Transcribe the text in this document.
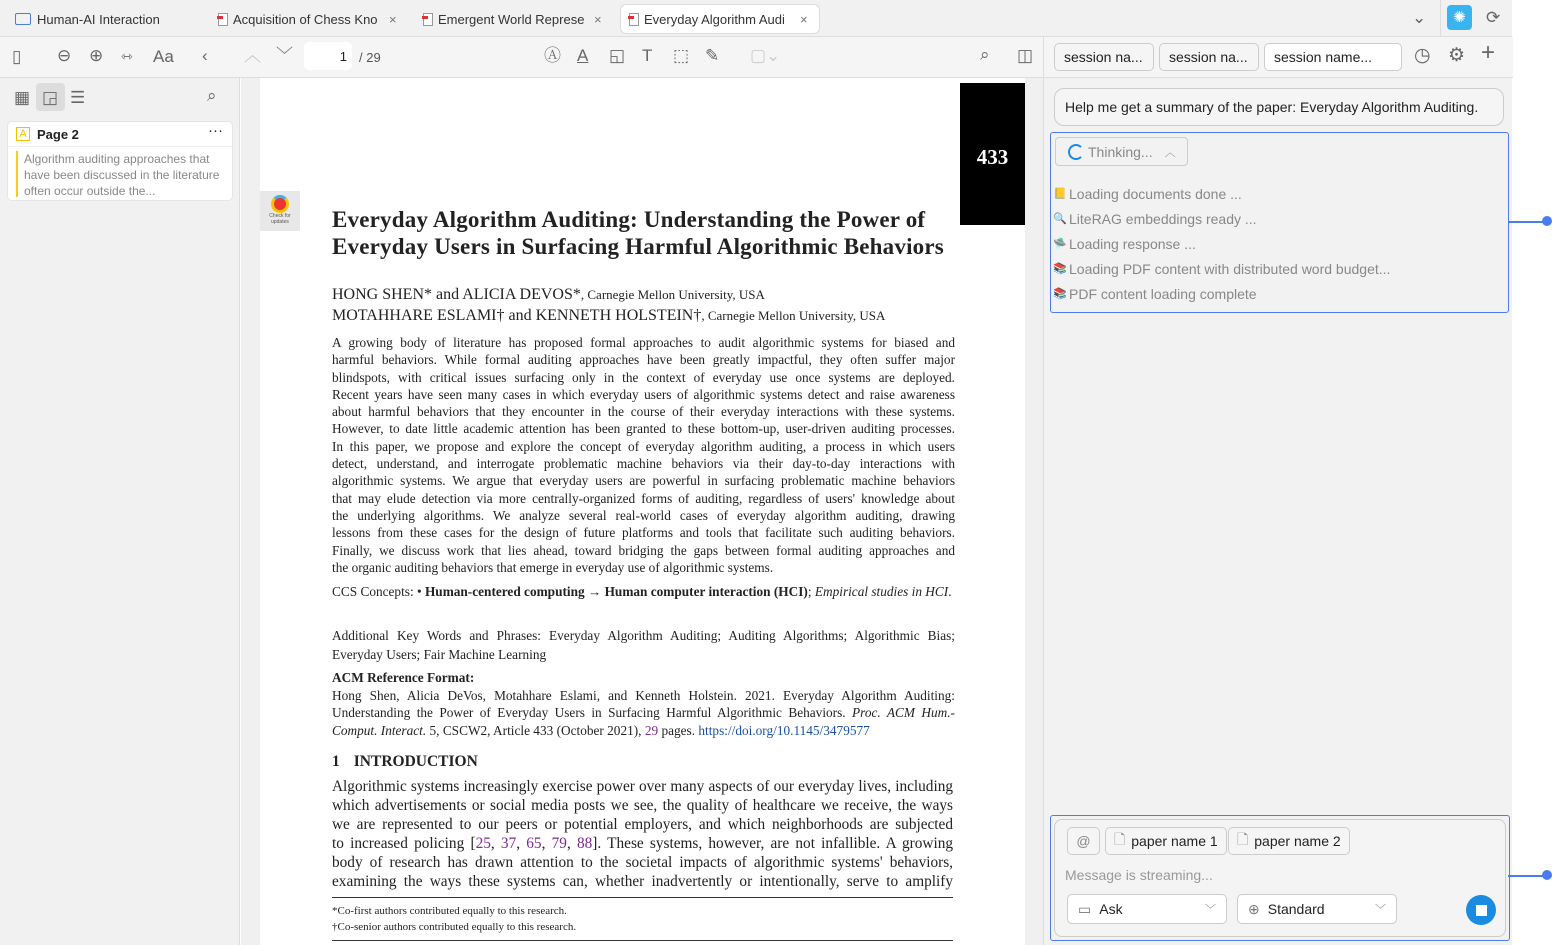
Human-AI Interaction	Acquisition of Chess Kno ×	Emergent World Represe ×	Everyday Algorithm Audi	×	⌄	✺	⟳
▯ ⊖ ⊕ ⇿ Aa ‹ ︿ ﹀	1 / 29	Ⓐ A ◱ T ⬚ ✎ ▢⌄	⌕ ◫
▦ ◲ ☰	⌕
A Page 2	···
Algorithm auditing approaches that have been discussed in the literature often occur outside the...
Check for updates
433
Everyday Algorithm Auditing: Understanding the Power of
Everyday Users in Surfacing Harmful Algorithmic Behaviors
HONG SHEN* and ALICIA DEVOS*, Carnegie Mellon University, USA
MOTAHHARE ESLAMI† and KENNETH HOLSTEIN†, Carnegie Mellon University, USA
A growing body of literature has proposed formal approaches to audit algorithmic systems for biased and
harmful behaviors. While formal auditing approaches have been greatly impactful, they often suffer major
blindspots, with critical issues surfacing only in the context of everyday use once systems are deployed.
Recent years have seen many cases in which everyday users of algorithmic systems detect and raise awareness
about harmful behaviors that they encounter in the course of their everyday interactions with these systems.
However, to date little academic attention has been granted to these bottom-up, user-driven auditing processes.
In this paper, we propose and explore the concept of everyday algorithm auditing, a process in which users
detect, understand, and interrogate problematic machine behaviors via their day-to-day interactions with
algorithmic systems. We argue that everyday users are powerful in surfacing problematic machine behaviors
that may elude detection via more centrally-organized forms of auditing, regardless of users' knowledge about
the underlying algorithms. We analyze several real-world cases of everyday algorithm auditing, drawing
lessons from these cases for the design of future platforms and tools that facilitate such auditing behaviors.
Finally, we discuss work that lies ahead, toward bridging the gaps between formal auditing approaches and
the organic auditing behaviors that emerge in everyday use of algorithmic systems.
CCS Concepts: • Human-centered computing → Human computer interaction (HCI); Empirical studies in HCI.
Additional Key Words and Phrases: Everyday Algorithm Auditing; Auditing Algorithms; Algorithmic Bias; Everyday Users; Fair Machine Learning
ACM Reference Format:
Hong Shen, Alicia DeVos, Motahhare Eslami, and Kenneth Holstein. 2021. Everyday Algorithm Auditing: Understanding the Power of Everyday Users in Surfacing Harmful Algorithmic Behaviors. Proc. ACM Hum.-Comput. Interact. 5, CSCW2, Article 433 (October 2021), 29 pages. https://doi.org/10.1145/3479577
1 INTRODUCTION
Algorithmic systems increasingly exercise power over many aspects of our everyday lives, including
which advertisements or social media posts we see, the quality of healthcare we receive, the ways
we are represented to our peers or potential employers, and which neighborhoods are subjected
to increased policing [25, 37, 65, 79, 88]. These systems, however, are not infallible. A growing
body of research has drawn attention to the societal impacts of algorithmic systems' behaviors,
examining the ways these systems can, whether inadvertently or intentionally, serve to amplify
*Co-first authors contributed equally to this research.
†Co-senior authors contributed equally to this research.
session na...	session na...	session name...	◷ ⚙ +
Help me get a summary of the paper: Everyday Algorithm Auditing.
Thinking... ︿
📒 Loading documents done ...
🔍 LiteRAG embeddings ready ...
🛸 Loading response ...
📚 Loading PDF content with distributed word budget...
📚 PDF content loading complete
@	🗋 paper name 1 🗋 paper name 2
Message is streaming...
▭ Ask	﹀ ⊕ Standard	﹀
